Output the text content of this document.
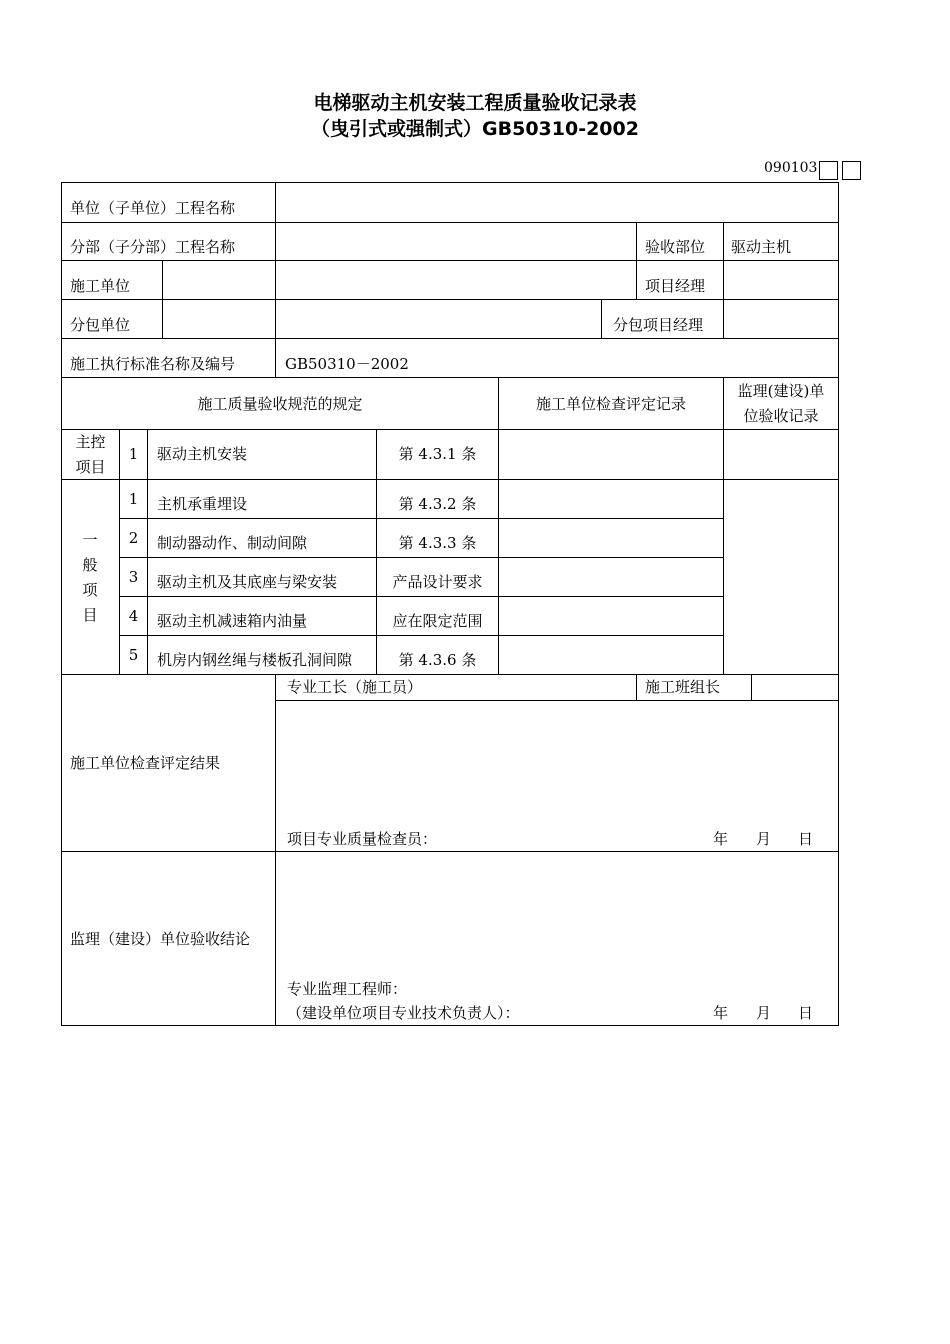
电梯驱动主机安装工程质量验收记录表
（曳引式或强制式）GB50310-2002
090103
单位（子单位）工程名称
分部（子分部）工程名称	验收部位 驱动主机
施工单位	项目经理
分包单位	分包项目经理
施工执行标准名称及编号	GB50310－2002
施工质量验收规范的规定	施工单位检查评定记录
监理(建设)单
位验收记录
主控
项目
1	驱动主机安装	第 4.3.1 条
一
般
项
目
1	主机承重埋设	第 4.3.2 条
2	制动器动作、制动间隙	第 4.3.3 条
3	驱动主机及其底座与梁安装	产品设计要求
4	驱动主机减速箱内油量	应在限定范围
5	机房内钢丝绳与楼板孔洞间隙	第 4.3.6 条
施工单位检查评定结果
专业工长（施工员）	施工班组长
项目专业质量检查员：	年 月 日
监理（建设）单位验收结论
专业监理工程师：
（建设单位项目专业技术负责人）：	年 月 日
